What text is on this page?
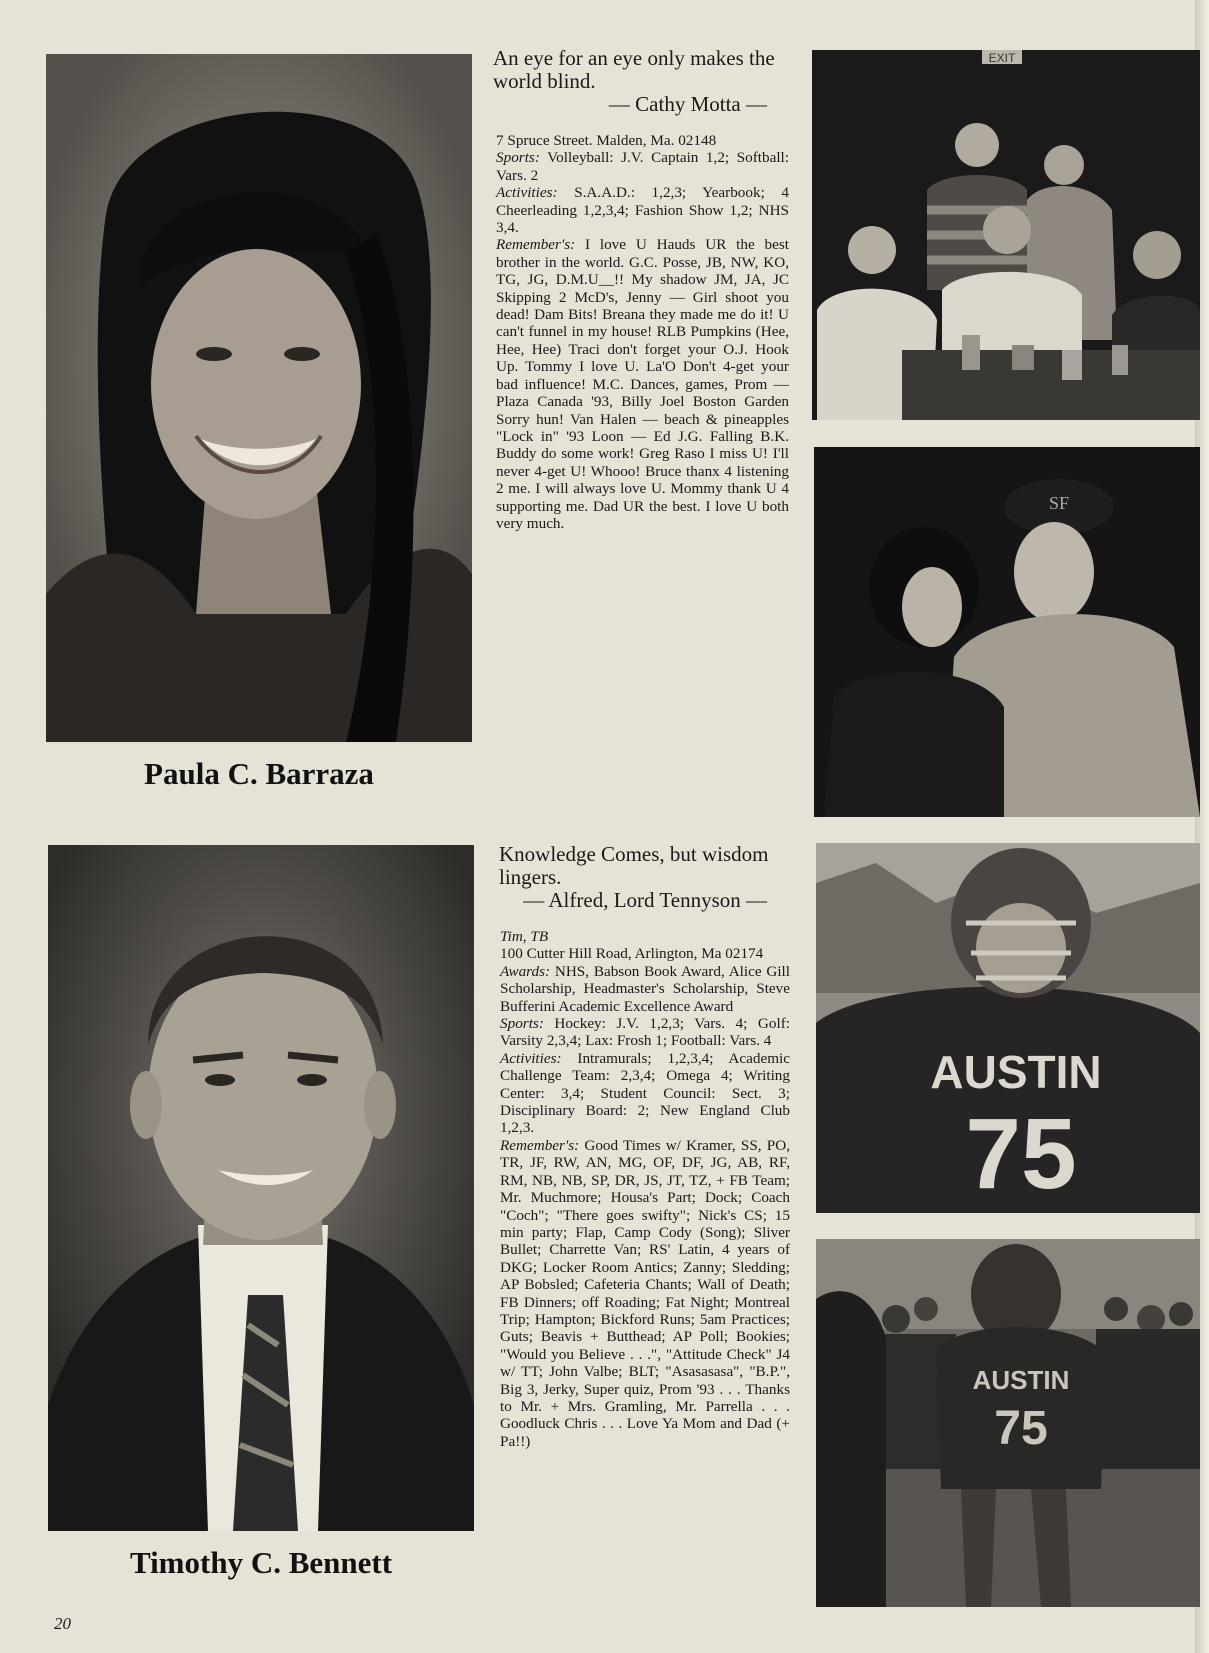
Paula C. Barraza
An eye for an eye only makes the world blind.
— Cathy Motta —

7 Spruce Street. Malden, Ma. 02148

Sports: Volleyball: J.V. Captain 1,2; Softball: Vars. 2

Activities: S.A.A.D.: 1,2,3; Yearbook; 4 Cheerleading 1,2,3,4; Fashion Show 1,2; NHS 3,4.

Remember's: I love U Hauds UR the best brother in the world. G.C. Posse, JB, NW, KO, TG, JG, D.M.U__!! My shadow JM, JA, JC Skipping 2 McD's, Jenny — Girl shoot you dead! Dam Bits! Breana they made me do it! U can't funnel in my house! RLB Pumpkins (Hee, Hee, Hee) Traci don't forget your O.J. Hook Up. Tommy I love U. La'O Don't 4-get your bad influence! M.C. Dances, games, Prom — Plaza Canada '93, Billy Joel Boston Garden Sorry hun! Van Halen — beach & pineapples "Lock in" '93 Loon — Ed J.G. Falling B.K. Buddy do some work! Greg Raso I miss U! I'll never 4-get U! Whooo! Bruce thanx 4 listening 2 me. I will always love U. Mommy thank U 4 supporting me. Dad UR the best. I love U both very much.

EXIT
SF
Timothy C. Bennett
Knowledge Comes, but wisdom lingers.
— Alfred, Lord Tennyson —

Tim, TB

100 Cutter Hill Road, Arlington, Ma 02174

Awards: NHS, Babson Book Award, Alice Gill Scholarship, Headmaster's Scholarship, Steve Bufferini Academic Excellence Award

Sports: Hockey: J.V. 1,2,3; Vars. 4; Golf: Varsity 2,3,4; Lax: Frosh 1; Football: Vars. 4

Activities: Intramurals; 1,2,3,4; Academic Challenge Team: 2,3,4; Omega 4; Writing Center: 3,4; Student Council: Sect. 3; Disciplinary Board: 2; New England Club 1,2,3.

Remember's: Good Times w/ Kramer, SS, PO, TR, JF, RW, AN, MG, OF, DF, JG, AB, RF, RM, NB, NB, SP, DR, JS, JT, TZ, + FB Team; Mr. Muchmore; Housa's Part; Dock; Coach "Coch"; "There goes swifty"; Nick's CS; 15 min party; Flap, Camp Cody (Song); Sliver Bullet; Charrette Van; RS' Latin, 4 years of DKG; Locker Room Antics; Zanny; Sledding; AP Bobsled; Cafeteria Chants; Wall of Death; FB Dinners; off Roading; Fat Night; Montreal Trip; Hampton; Bickford Runs; 5am Practices; Guts; Beavis + Butthead; AP Poll; Bookies; "Would you Believe . . .", "Attitude Check" J4 w/ TT; John Valbe; BLT; "Asasasasa", "B.P.", Big 3, Jerky, Super quiz, Prom '93 . . . Thanks to Mr. + Mrs. Gramling, Mr. Parrella . . . Goodluck Chris . . . Love Ya Mom and Dad (+ Pa!!)

AUSTIN
75
AUSTIN
75
20
